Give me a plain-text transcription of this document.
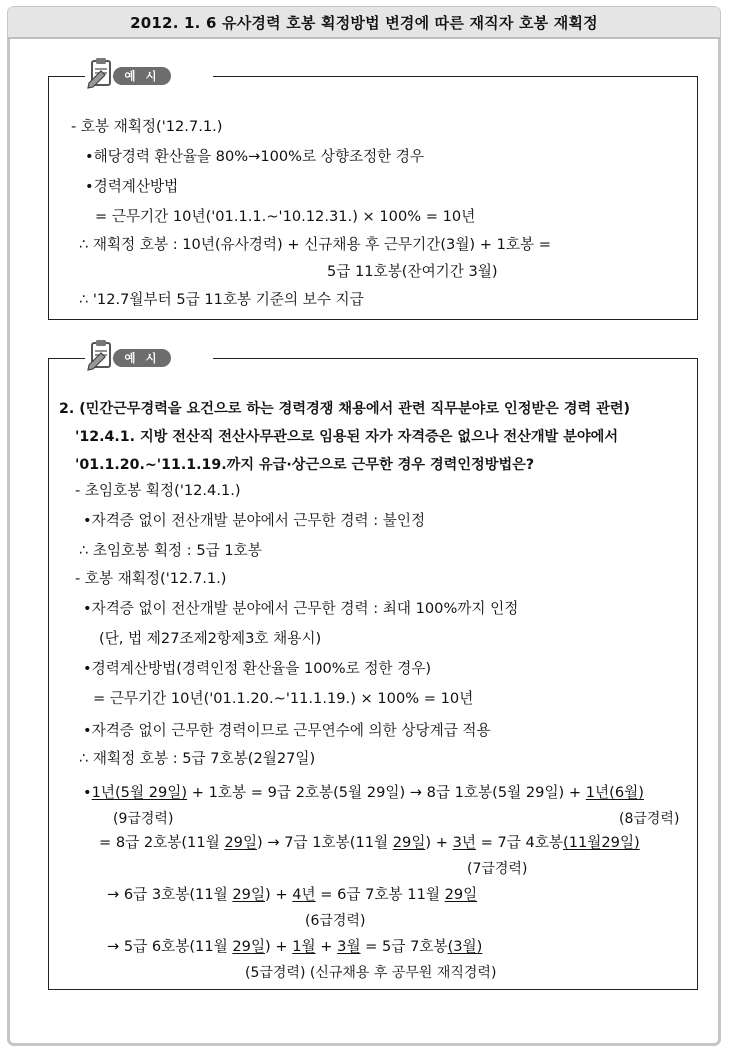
2012. 1. 6 유사경력 호봉 획정방법 변경에 따른 재직자 호봉 재획정
예 시
- 호봉 재획정('12.7.1.)
•해당경력 환산율을 80%→100%로 상향조정한 경우
•경력계산방법
= 근무기간 10년('01.1.1.~'10.12.31.) × 100% = 10년
∴ 재획정 호봉 : 10년(유사경력) + 신규채용 후 근무기간(3월) + 1호봉 =
5급 11호봉(잔여기간 3월)
∴ '12.7월부터 5급 11호봉 기준의 보수 지급
예 시
2. (민간근무경력을 요건으로 하는 경력경쟁 채용에서 관련 직무분야로 인정받은 경력 관련)
'12.4.1. 지방 전산직 전산사무관으로 임용된 자가 자격증은 없으나 전산개발 분야에서
'01.1.20.~'11.1.19.까지 유급·상근으로 근무한 경우 경력인정방법은?
- 초임호봉 획정('12.4.1.)
•자격증 없이 전산개발 분야에서 근무한 경력 : 불인정
∴ 초임호봉 획정 : 5급 1호봉
- 호봉 재획정('12.7.1.)
•자격증 없이 전산개발 분야에서 근무한 경력 : 최대 100%까지 인정
(단, 법 제27조제2항제3호 채용시)
•경력계산방법(경력인정 환산율을 100%로 정한 경우)
= 근무기간 10년('01.1.20.~'11.1.19.) × 100% = 10년
•자격증 없이 근무한 경력이므로 근무연수에 의한 상당계급 적용
∴ 재획정 호봉 : 5급 7호봉(2월27일)
•1년(5월 29일) + 1호봉 = 9급 2호봉(5월 29일) → 8급 1호봉(5월 29일) + 1년(6월)
(9급경력)	(8급경력)
= 8급 2호봉(11월 29일) → 7급 1호봉(11월 29일) + 3년 = 7급 4호봉(11월29일)
(7급경력)
→ 6급 3호봉(11월 29일) + 4년 = 6급 7호봉 11월 29일
(6급경력)
→ 5급 6호봉(11월 29일) + 1월 + 3월 = 5급 7호봉(3월)
(5급경력) (신규채용 후 공무원 재직경력)
